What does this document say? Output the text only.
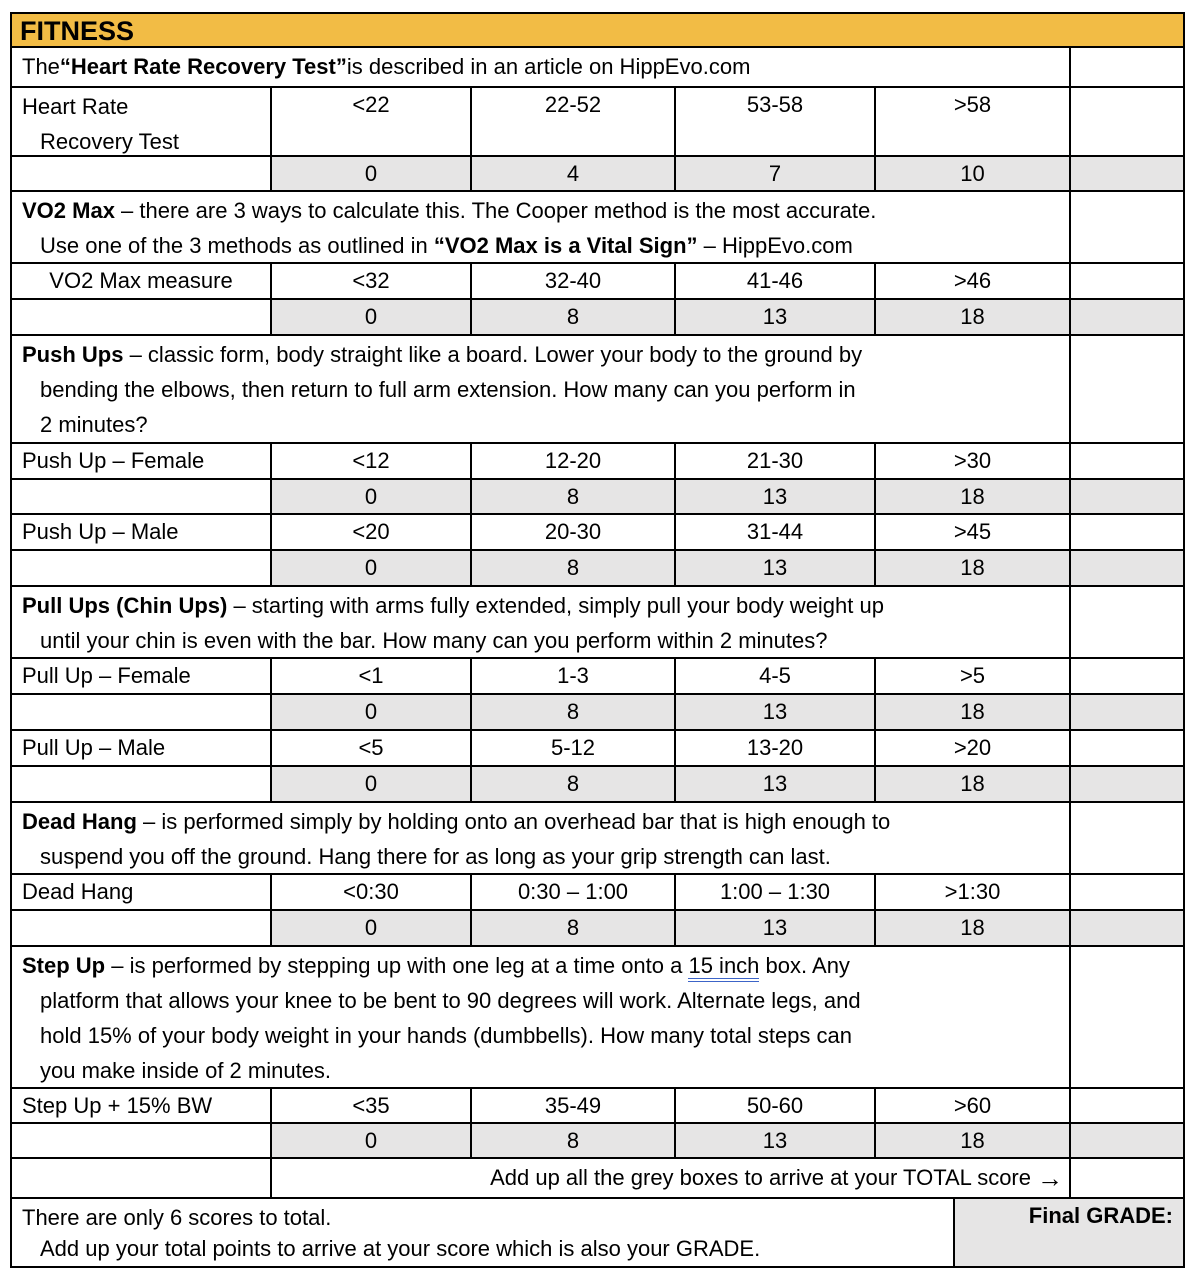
FITNESS
The “Heart Rate Recovery Test” is described in an article on HippEvo.com
Heart Rate
Recovery Test
<22	22-52	53-58	>58
0	4	7	10
VO2 Max – there are 3 ways to calculate this. The Cooper method is the most accurate.
Use one of the 3 methods as outlined in “VO2 Max is a Vital Sign” – HippEvo.com
VO2 Max measure	<32	32-40	41-46	>46
0	8	13	18
Push Ups – classic form, body straight like a board. Lower your body to the ground by
bending the elbows, then return to full arm extension. How many can you perform in
2 minutes?
Push Up – Female	<12	12-20	21-30	>30
0	8	13	18
Push Up – Male	<20	20-30	31-44	>45
0	8	13	18
Pull Ups (Chin Ups) – starting with arms fully extended, simply pull your body weight up
until your chin is even with the bar. How many can you perform within 2 minutes?
Pull Up – Female	<1	1-3	4-5	>5
0	8	13	18
Pull Up – Male	<5	5-12	13-20	>20
0	8	13	18
Dead Hang – is performed simply by holding onto an overhead bar that is high enough to
suspend you off the ground. Hang there for as long as your grip strength can last.
Dead Hang	<0:30	0:30 – 1:00	1:00 – 1:30	>1:30
0	8	13	18
Step Up – is performed by stepping up with one leg at a time onto a 15 inch box. Any
platform that allows your knee to be bent to 90 degrees will work. Alternate legs, and
hold 15% of your body weight in your hands (dumbbells). How many total steps can
you make inside of 2 minutes.
Step Up + 15% BW	<35	35-49	50-60	>60
0	8	13	18
Add up all the grey boxes to arrive at your TOTAL score →
There are only 6 scores to total.
Add up your total points to arrive at your score which is also your GRADE.
Final GRADE:
